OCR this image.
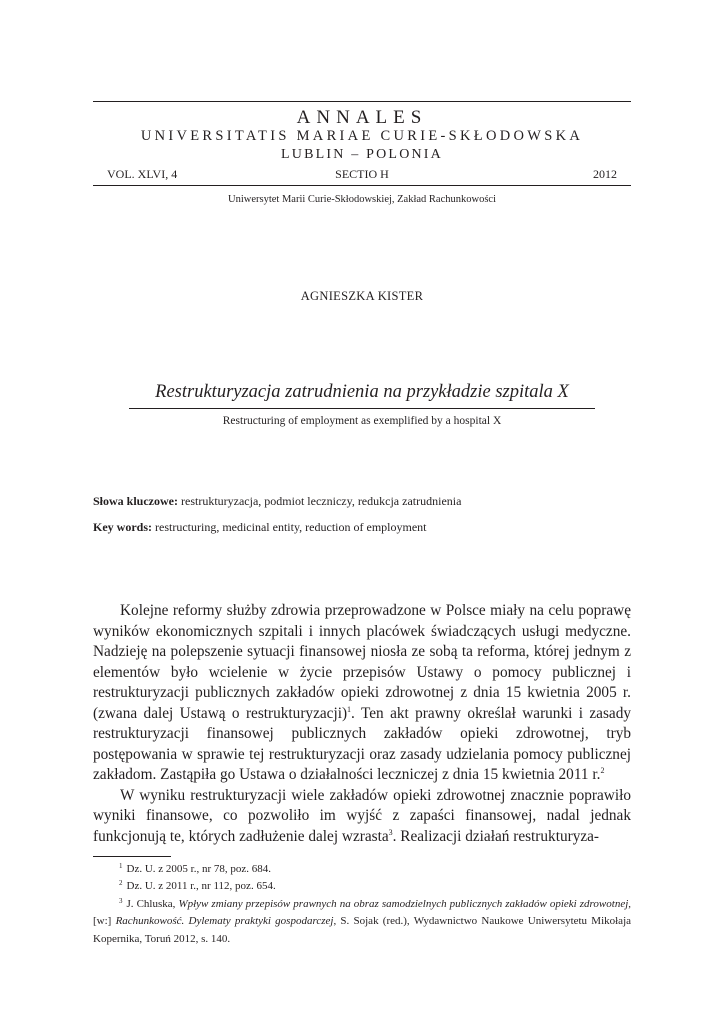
ANNALES
UNIVERSITATIS MARIAE CURIE-SKŁODOWSKA
LUBLIN – POLONIA
SECTIO H
VOL. XLVI, 4	2012
Uniwersytet Marii Curie-Skłodowskiej, Zakład Rachunkowości
AGNIESZKA KISTER
Restrukturyzacja zatrudnienia na przykładzie szpitala X
Restructuring of employment as exemplified by a hospital X
Słowa kluczowe: restrukturyzacja, podmiot leczniczy, redukcja zatrudnienia
Key words: restructuring, medicinal entity, reduction of employment

Kolejne reformy służby zdrowia przeprowadzone w Polsce miały na celu poprawę wyników ekonomicznych szpitali i innych placówek świadczących usługi medyczne. Nadzieję na polepszenie sytuacji finansowej niosła ze sobą ta reforma, której jednym z elementów było wcielenie w życie przepisów Ustawy o pomocy publicznej i restrukturyzacji publicznych zakładów opieki zdrowotnej z dnia 15 kwietnia 2005 r. (zwana dalej Ustawą o restrukturyzacji)$^1$. Ten akt prawny określał warunki i zasady restrukturyzacji finansowej publicznych zakładów opieki zdrowotnej, tryb postępowania w sprawie tej restrukturyzacji oraz zasady udzielania pomocy publicznej zakładom. Zastąpiła go Ustawa o działalności leczniczej z dnia 15 kwietnia 2011 r.$^2$

W wyniku restrukturyzacji wiele zakładów opieki zdrowotnej znacznie poprawiło wyniki finansowe, co pozwoliło im wyjść z zapaści finansowej, nadal jednak funkcjonują te, których zadłużenie dalej wzrasta$^3$. Realizacji działań restrukturyza-

$^1$ Dz. U. z 2005 r., nr 78, poz. 684.

$^2$ Dz. U. z 2011 r., nr 112, poz. 654.

$^3$ J. Chluska, Wpływ zmiany przepisów prawnych na obraz samodzielnych publicznych zakładów opieki zdrowotnej, [w:] Rachunkowość. Dylematy praktyki gospodarczej, S. Sojak (red.), Wydawnictwo Naukowe Uniwersytetu Mikołaja Kopernika, Toruń 2012, s. 140.
